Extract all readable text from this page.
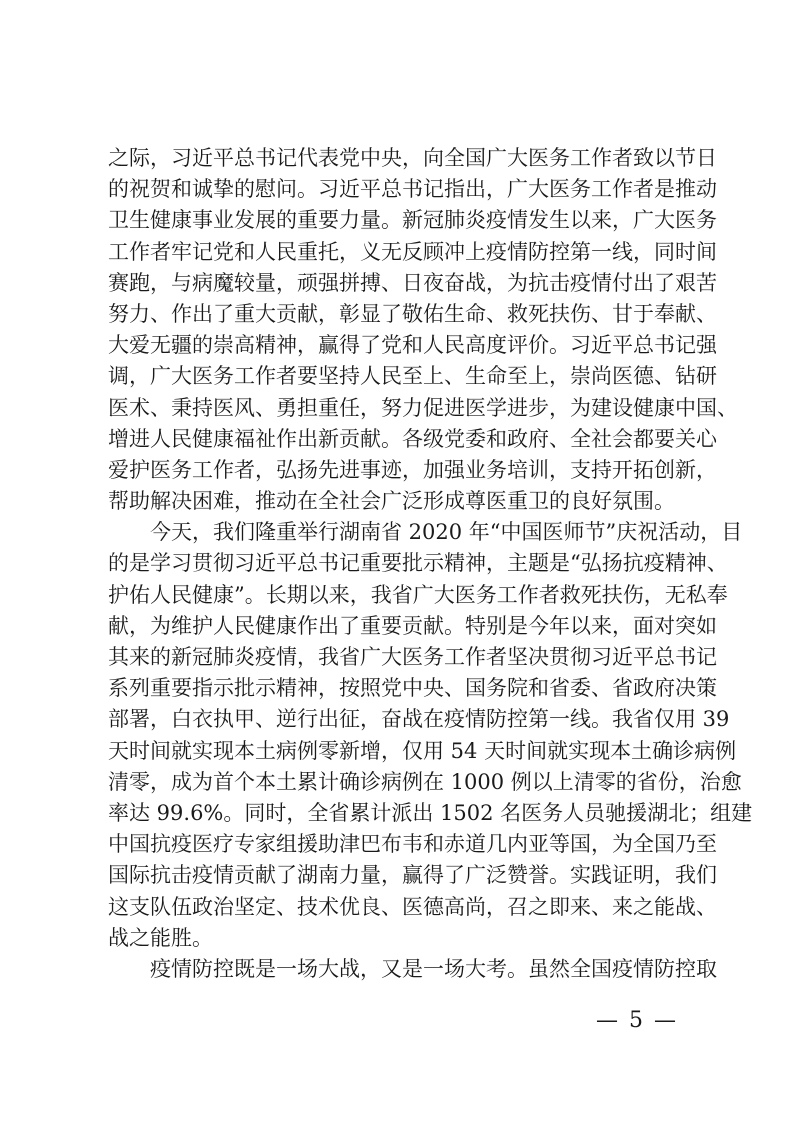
之际，习近平总书记代表党中央，向全国广大医务工作者致以节日
的祝贺和诚挚的慰问。习近平总书记指出，广大医务工作者是推动
卫生健康事业发展的重要力量。新冠肺炎疫情发生以来，广大医务
工作者牢记党和人民重托，义无反顾冲上疫情防控第一线，同时间
赛跑，与病魔较量，顽强拼搏、日夜奋战，为抗击疫情付出了艰苦
努力、作出了重大贡献，彰显了敬佑生命、救死扶伤、甘于奉献、
大爱无疆的崇高精神，赢得了党和人民高度评价。习近平总书记强
调，广大医务工作者要坚持人民至上、生命至上，崇尚医德、钻研
医术、秉持医风、勇担重任，努力促进医学进步，为建设健康中国、
增进人民健康福祉作出新贡献。各级党委和政府、全社会都要关心
爱护医务工作者，弘扬先进事迹，加强业务培训，支持开拓创新，
帮助解决困难，推动在全社会广泛形成尊医重卫的良好氛围。
　　今天，我们隆重举行湖南省 2020 年“中国医师节”庆祝活动，目
的是学习贯彻习近平总书记重要批示精神，主题是“弘扬抗疫精神、
护佑人民健康”。长期以来，我省广大医务工作者救死扶伤，无私奉
献，为维护人民健康作出了重要贡献。特别是今年以来，面对突如
其来的新冠肺炎疫情，我省广大医务工作者坚决贯彻习近平总书记
系列重要指示批示精神，按照党中央、国务院和省委、省政府决策
部署，白衣执甲、逆行出征，奋战在疫情防控第一线。我省仅用 39
天时间就实现本土病例零新增，仅用 54 天时间就实现本土确诊病例
清零，成为首个本土累计确诊病例在 1000 例以上清零的省份，治愈
率达 99.6%。同时，全省累计派出 1502 名医务人员驰援湖北；组建
中国抗疫医疗专家组援助津巴布韦和赤道几内亚等国，为全国乃至
国际抗击疫情贡献了湖南力量，赢得了广泛赞誉。实践证明，我们
这支队伍政治坚定、技术优良、医德高尚，召之即来、来之能战、
战之能胜。
　　疫情防控既是一场大战，又是一场大考。虽然全国疫情防控取
— 5 —
